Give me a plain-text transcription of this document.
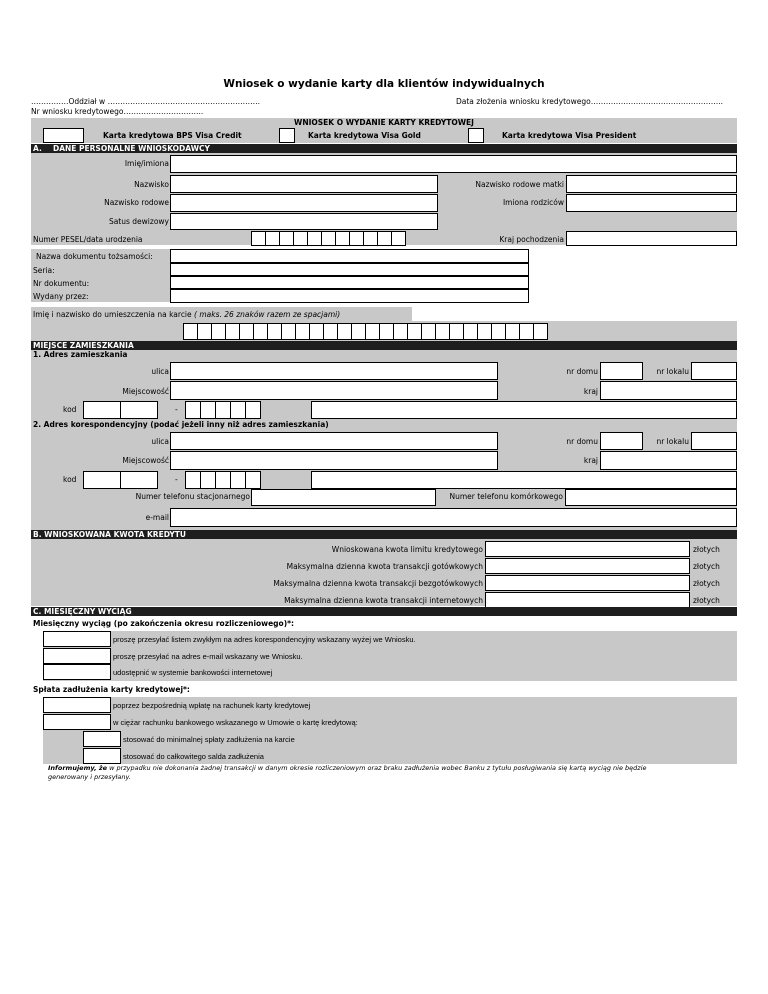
Wniosek o wydanie karty dla klientów indywidualnych
……………Oddział w …………………………………………………….	Data złożenia wniosku kredytowego……………………………………………..
Nr wniosku kredytowego…………………………..
WNIOSEK O WYDANIE KARTY KREDYTOWEJ
Karta kredytowa BPS Visa Credit	Karta kredytowa Visa Gold	Karta kredytowa Visa President
A. DANE PERSONALNE WNIOSKODAWCY
Imię/imiona
Nazwisko	Nazwisko rodowe matki
Nazwisko rodowe	Imiona rodziców
Satus dewizowy
Numer PESEL/data urodzenia	Kraj pochodzenia
Nazwa dokumentu tożsamości:
Seria:
Nr dokumentu:
Wydany przez:
Imię i nazwisko do umieszczenia na karcie ( maks. 26 znaków razem ze spacjami)
MIEJSCE ZAMIESZKANIA
1. Adres zamieszkania
ulica	nr domu	nr lokalu
Miejscowość	kraj
kod	-
2. Adres korespondencyjny (podać jeżeli inny niż adres zamieszkania)
ulica	nr domu	nr lokalu
Miejscowość	kraj
kod	-
Numer telefonu stacjonarnego	Numer telefonu komórkowego
e-mail
B. WNIOSKOWANA KWOTA KREDYTU
Wnioskowana kwota limitu kredytowego	złotych
Maksymalna dzienna kwota transakcji gotówkowych	złotych
Maksymalna dzienna kwota transakcji bezgotówkowych	złotych
Maksymalna dzienna kwota transakcji internetowych	złotych
C. MIESIĘCZNY WYCIĄG
Miesięczny wyciąg (po zakończenia okresu rozliczeniowego)*:
proszę przesyłać listem zwykłym na adres korespondencyjny wskazany wyżej we Wniosku.
proszę przesyłać na adres e-mail wskazany we Wniosku.
udostępnić w systemie bankowości internetowej
Spłata zadłużenia karty kredytowej*:
poprzez bezpośrednią wpłatę na rachunek karty kredytowej
w ciężar rachunku bankowego wskazanego w Umowie o kartę kredytową:
stosować do minimalnej spłaty zadłużenia na karcie
stosować do całkowitego salda zadłużenia
Informujemy, że w przypadku nie dokonania żadnej transakcji w danym okresie rozliczeniowym oraz braku zadłużenia wobec Banku z tytułu posługiwania się kartą wyciąg nie będzie
generowany i przesyłany.
